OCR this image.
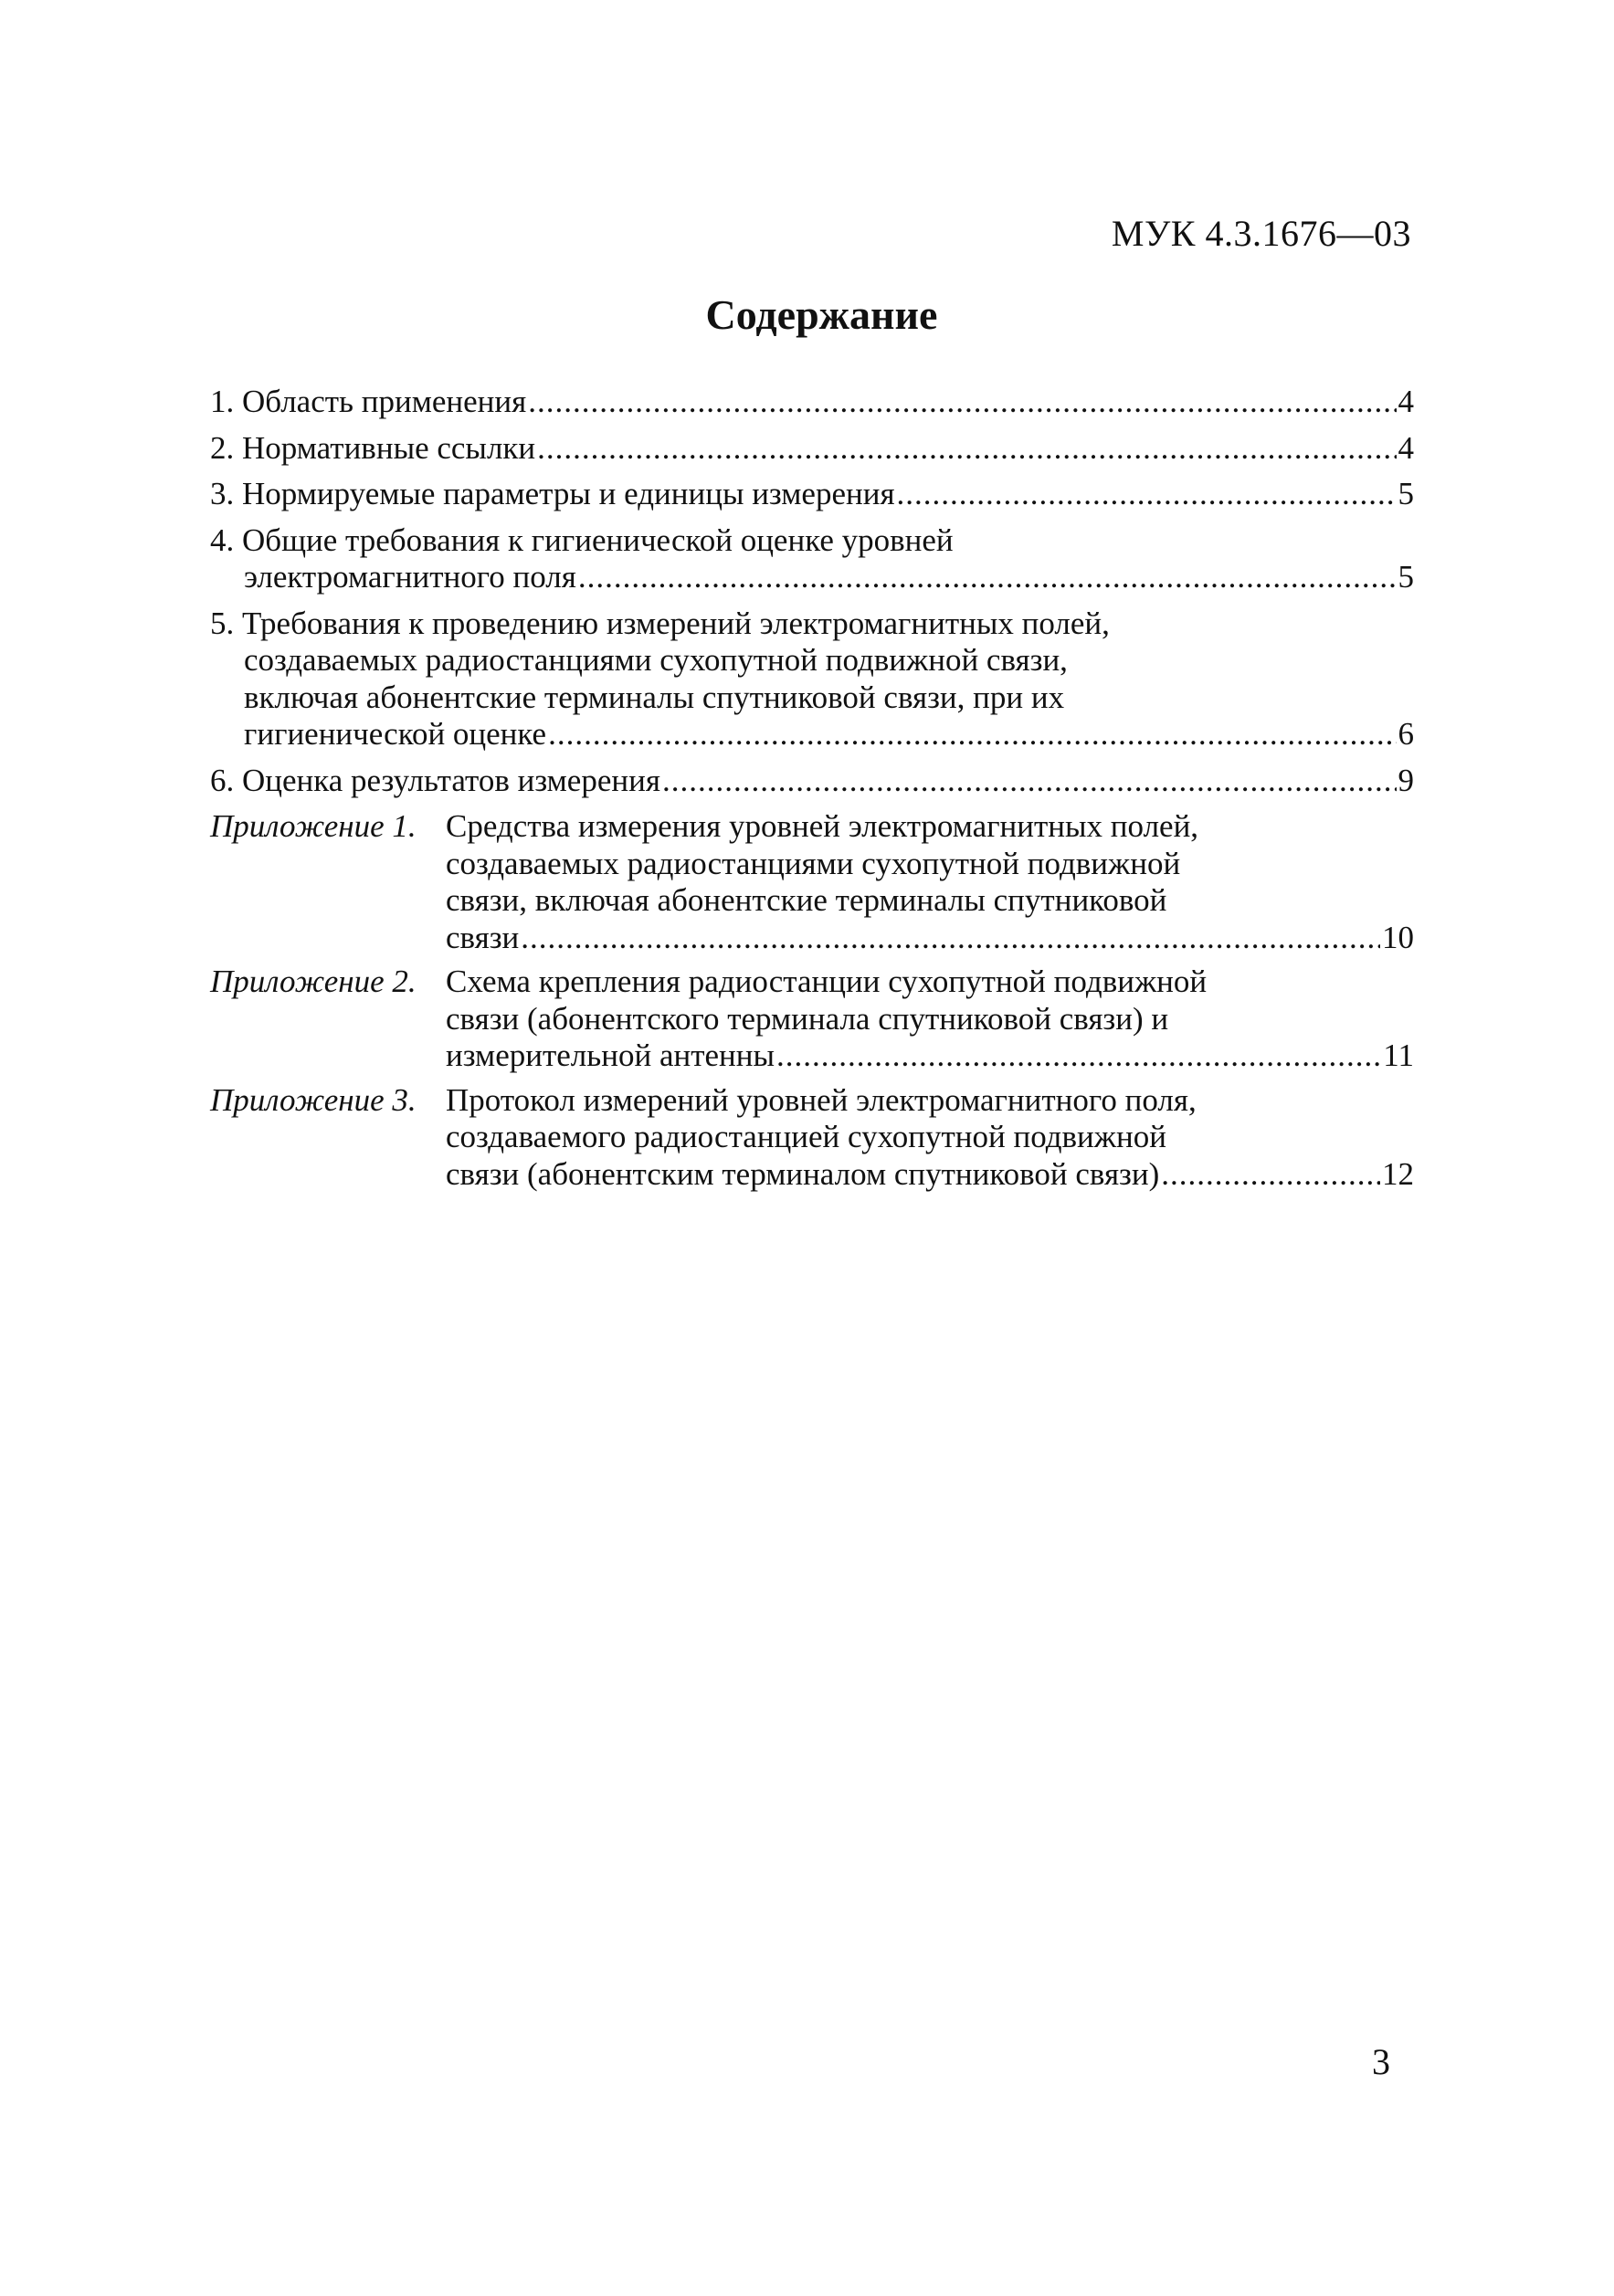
МУК 4.3.1676—03
Содержание
1. Область применения .....	4
2. Нормативные ссылки .....	4
3. Нормируемые параметры и единицы измерения .....	5
4. Общие требования к гигиенической оценке уровней
электромагнитного поля .....	5
5. Требования к проведению измерений электромагнитных полей,
создаваемых радиостанциями сухопутной подвижной связи,
включая абонентские терминалы спутниковой связи, при их
гигиенической оценке .....	6
6. Оценка результатов измерения .....	9
Приложение 1. Средства измерения уровней электромагнитных полей,
создаваемых радиостанциями сухопутной подвижной
связи, включая абонентские терминалы спутниковой
связи .....	10
Приложение 2. Схема крепления радиостанции сухопутной подвижной
связи (абонентского терминала спутниковой связи) и
измерительной антенны .....	11
Приложение 3. Протокол измерений уровней электромагнитного поля,
создаваемого радиостанцией сухопутной подвижной
связи (абонентским терминалом спутниковой связи) .....	12
3
